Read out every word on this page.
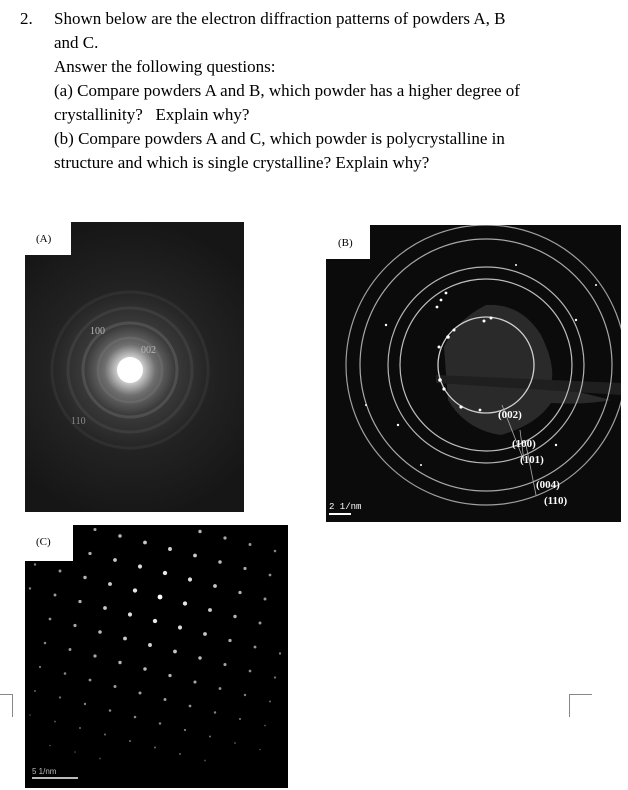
2. Shown below are the electron diffraction patterns of powders A, B
and C.
Answer the following questions:
(a) Compare powders A and B, which powder has a higher degree of
crystallinity?   Explain why?
(b) Compare powders A and C, which powder is polycrystalline in
structure and which is single crystalline? Explain why?
100
002
110
(A)
(002)
(100)
(101)
(004)
(110)
2 1/nm
(B)
5 1/nm
(C)
